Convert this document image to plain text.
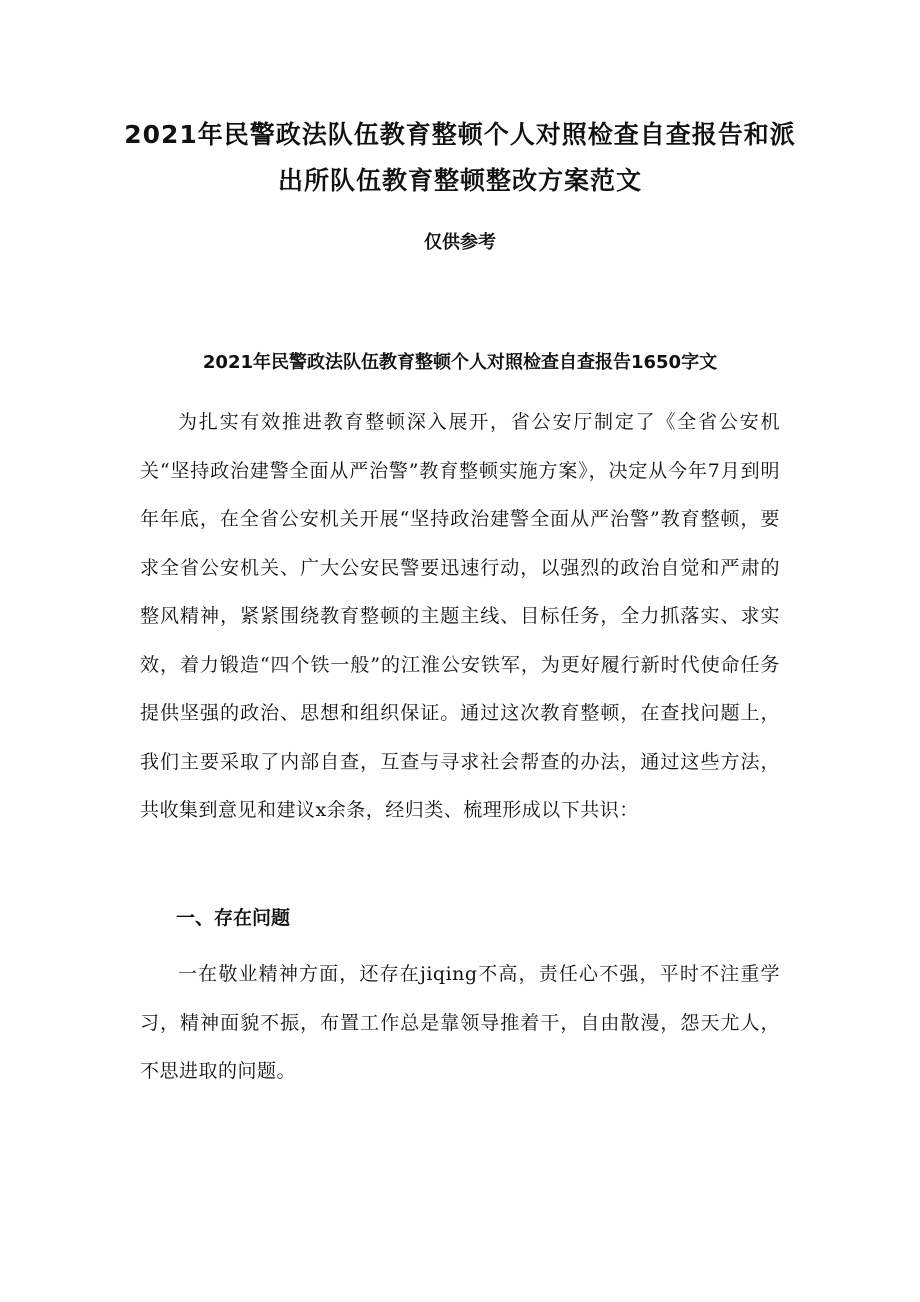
2021年民警政法队伍教育整顿个人对照检查自查报告和派出所队伍教育整顿整改方案范文

仅供参考

2021年民警政法队伍教育整顿个人对照检查自查报告1650字文

为扎实有效推进教育整顿深入展开，省公安厅制定了《全省公安机关“坚持政治建警全面从严治警”教育整顿实施方案》，决定从今年7月到明年年底，在全省公安机关开展“坚持政治建警全面从严治警”教育整顿，要求全省公安机关、广大公安民警要迅速行动，以强烈的政治自觉和严肃的整风精神，紧紧围绕教育整顿的主题主线、目标任务，全力抓落实、求实效，着力锻造“四个铁一般”的江淮公安铁军，为更好履行新时代使命任务提供坚强的政治、思想和组织保证。通过这次教育整顿，在查找问题上，我们主要采取了内部自查，互查与寻求社会帮查的办法，通过这些方法，共收集到意见和建议x余条，经归类、梳理形成以下共识：

一、存在问题

一在敬业精神方面，还存在jiqing不高，责任心不强，平时不注重学习，精神面貌不振，布置工作总是靠领导推着干，自由散漫，怨天尤人，不思进取的问题。
